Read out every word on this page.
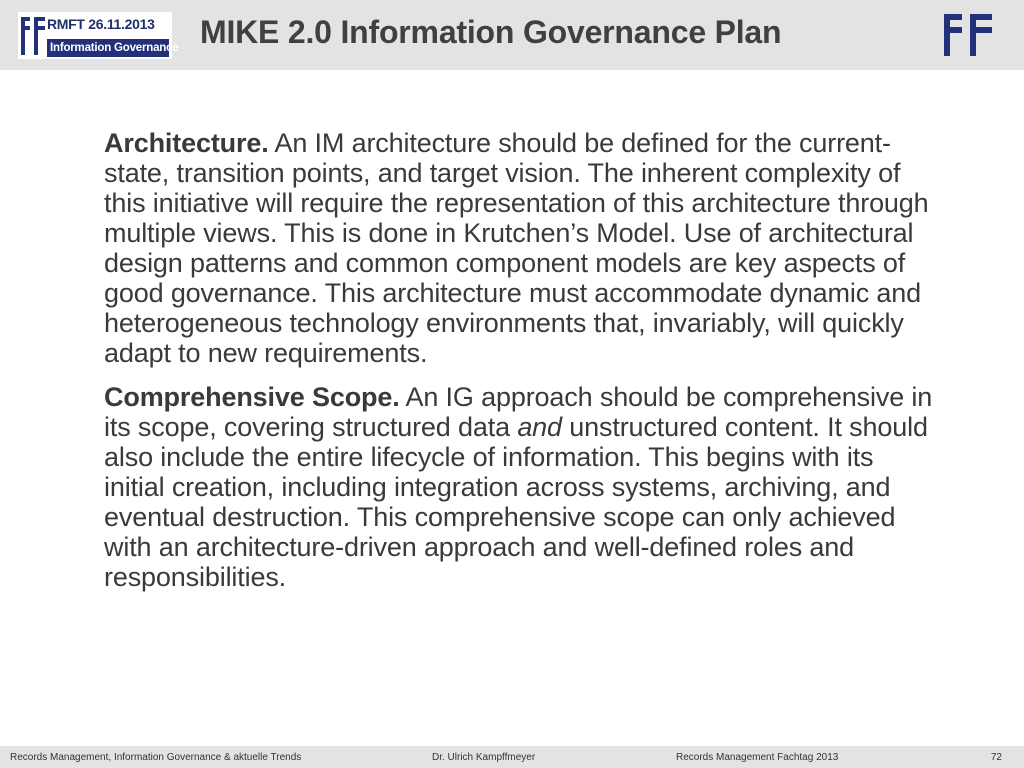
RMFT 26.11.2013
Information Governance MIKE 2.0 Information Governance Plan

Architecture. An IM architecture should be defined for the current-state, transition points, and target vision. The inherent complexity of this initiative will require the representation of this architecture through multiple views. This is done in Krutchen’s Model. Use of architectural design patterns and common component models are key aspects of good governance. This architecture must accommodate dynamic and heterogeneous technology environments that, invariably, will quickly adapt to new requirements.

Comprehensive Scope. An IG approach should be comprehensive in its scope, covering structured data and unstructured content. It should also include the entire lifecycle of information. This begins with its initial creation, including integration across systems, archiving, and eventual destruction. This comprehensive scope can only achieved with an architecture-driven approach and well-defined roles and responsibilities.

Records Management, Information Governance & aktuelle Trends	Dr. Ulrich Kampffmeyer	Records Management Fachtag 2013	72
